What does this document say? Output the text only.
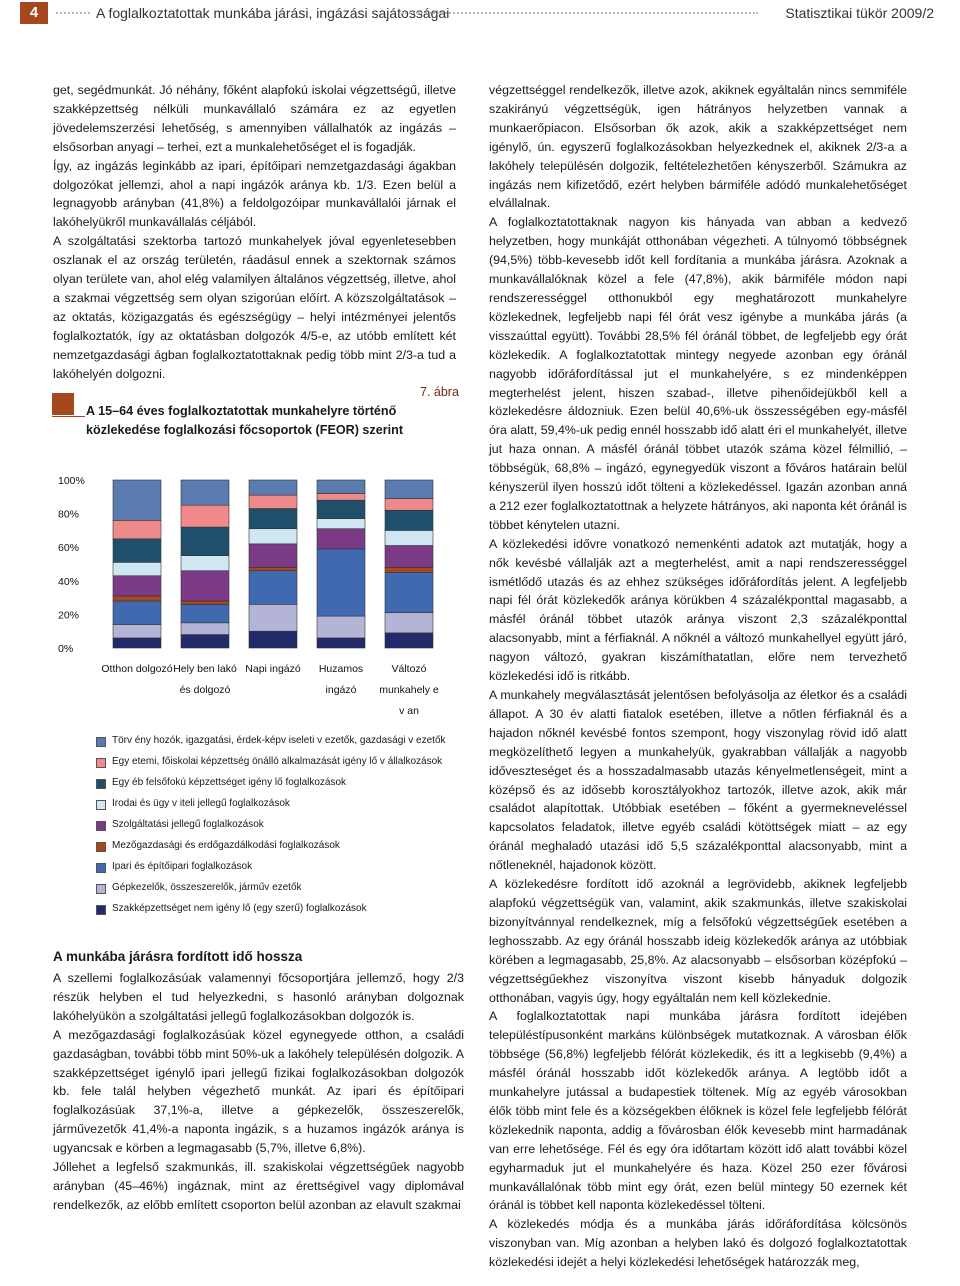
4	A foglalkoztatottak munkába járási, ingázási sajátosságai	Statisztikai tükör 2009/2

get, segédmunkát. Jó néhány, főként alapfokú iskolai végzettségű, illetve szakképzettség nélküli munkavállaló számára ez az egyetlen jövedelemszerzési lehetőség, s amennyiben vállalhatók az ingázás – elsősorban anyagi – terhei, ezt a munkalehetőséget el is fogadják.

Így, az ingázás leginkább az ipari, építőipari nemzetgazdasági ágakban dolgozókat jellemzi, ahol a napi ingázók aránya kb. 1/3. Ezen belül a legnagyobb arányban (41,8%) a feldolgozóipar munkavállalói járnak el lakóhelyükről munkavállalás céljából.

A szolgáltatási szektorba tartozó munkahelyek jóval egyenletesebben oszlanak el az ország területén, ráadásul ennek a szektornak számos olyan területe van, ahol elég valamilyen általános végzettség, illetve, ahol a szakmai végzettség sem olyan szigorúan előírt. A közszolgáltatások – az oktatás, közigazgatás és egészségügy – helyi intézményei jelentős foglalkoztatók, így az oktatásban dolgozók 4/5-e, az utóbb említett két nemzetgazdasági ágban foglalkoztatottaknak pedig több mint 2/3-a tud a lakóhelyén dolgozni.

7. ábra
A 15–64 éves foglalkoztatottak munkahelyre történő közlekedése foglalkozási főcsoportok (FEOR) szerint
0%
20%
40%
60%
80%
100%
Otthon dolgozó Hely ben lakó
és dolgozó
Napi ingázó Huzamos
ingázó
Változó
munkahely e
v an
Törv ény hozók, igazgatási, érdek-képv iseleti v ezetők, gazdasági v ezetők
Egy etemi, főiskolai képzettség önálló alkalmazását igény lő v állalkozások
Egy éb felsőfokú képzettséget igény lő foglalkozások
Irodai és ügy v iteli jellegű foglalkozások
Szolgáltatási jellegű foglalkozások
Mezőgazdasági és erdőgazdálkodási foglalkozások
Ipari és építőipari foglalkozások
Gépkezelők, összeszerelők, járműv ezetők
Szakképzettséget nem igény lő (egy szerű) foglalkozások
A munkába járásra fordított idő hossza

A szellemi foglalkozásúak valamennyi főcsoportjára jellemző, hogy 2/3 részük helyben el tud helyezkedni, s hasonló arányban dolgoznak lakóhelyükön a szolgáltatási jellegű foglalkozásokban dolgozók is.

A mezőgazdasági foglalkozásúak közel egynegyede otthon, a családi gazdaságban, további több mint 50%-uk a lakóhely településén dolgozik. A szakképzettséget igénylő ipari jellegű fizikai foglalkozásokban dolgozók kb. fele talál helyben végezhető munkát. Az ipari és építőipari foglalkozásúak 37,1%-a, illetve a gépkezelők, összeszerelők, járművezetők 41,4%-a naponta ingázik, s a huzamos ingázók aránya is ugyancsak e körben a legmagasabb (5,7%, illetve 6,8%).

Jóllehet a legfelső szakmunkás, ill. szakiskolai végzettségűek nagyobb arányban (45–46%) ingáznak, mint az érettségivel vagy diplomával rendelkezők, az előbb említett csoporton belül azonban az elavult szakmai

végzettséggel rendelkezők, illetve azok, akiknek egyáltalán nincs semmiféle szakirányú végzettségük, igen hátrányos helyzetben vannak a munkaerőpiacon. Elsősorban ők azok, akik a szakképzettséget nem igénylő, ún. egyszerű foglalkozásokban helyezkednek el, akiknek 2/3-a a lakóhely településén dolgozik, feltételezhetően kényszerből. Számukra az ingázás nem kifizetődő, ezért helyben bármiféle adódó munkalehetőséget elvállalnak.

A foglalkoztatottaknak nagyon kis hányada van abban a kedvező helyzetben, hogy munkáját otthonában végezheti. A túlnyomó többségnek (94,5%) több-kevesebb időt kell fordítania a munkába járásra. Azoknak a munkavállalóknak közel a fele (47,8%), akik bármiféle módon napi rendszerességgel otthonukból egy meghatározott munkahelyre közlekednek, legfeljebb napi fél órát vesz igénybe a munkába járás (a visszaúttal együtt). További 28,5% fél óránál többet, de legfeljebb egy órát közlekedik. A foglalkoztatottak mintegy negyede azonban egy óránál nagyobb időráfordítással jut el munkahelyére, s ez mindenképpen megterhelést jelent, hiszen szabad-, illetve pihenőidejükből kell a közlekedésre áldozniuk. Ezen belül 40,6%-uk összességében egy-másfél óra alatt, 59,4%-uk pedig ennél hosszabb idő alatt éri el munkahelyét, illetve jut haza onnan. A másfél óránál többet utazók száma közel félmillió, – többségük, 68,8% – ingázó, egynegyedük viszont a főváros határain belül kényszerül ilyen hosszú időt tölteni a közlekedéssel. Igazán azonban anná a 212 ezer foglalkoztatottnak a helyzete hátrányos, aki naponta két óránál is többet kénytelen utazni.

A közlekedési idővre vonatkozó nemenkénti adatok azt mutatják, hogy a nők kevésbé vállalják azt a megterhelést, amit a napi rendszerességgel ismétlődő utazás és az ehhez szükséges időráfordítás jelent. A legfeljebb napi fél órát közlekedők aránya körükben 4 százalékponttal magasabb, a másfél óránál többet utazók aránya viszont 2,3 százalékponttal alacsonyabb, mint a férfiaknál. A nőknél a változó munkahellyel együtt járó, nagyon változó, gyakran kiszámíthatatlan, előre nem tervezhető közlekedési idő is ritkább.

A munkahely megválasztását jelentősen befolyásolja az életkor és a családi állapot. A 30 év alatti fiatalok esetében, illetve a nőtlen férfiaknál és a hajadon nőknél kevésbé fontos szempont, hogy viszonylag rövid idő alatt megközelíthető legyen a munkahelyük, gyakrabban vállalják a nagyobb időveszteséget és a hosszadalmasabb utazás kényelmetlenségeit, mint a középső és az idősebb korosztályokhoz tartozók, illetve azok, akik már családot alapítottak. Utóbbiak esetében – főként a gyermekneveléssel kapcsolatos feladatok, illetve egyéb családi kötöttségek miatt – az egy óránál meghaladó utazási idő 5,5 százalékponttal alacsonyabb, mint a nőtleneknél, hajadonok között.

A közlekedésre fordított idő azoknál a legrövidebb, akiknek legfeljebb alapfokú végzettségük van, valamint, akik szakmunkás, illetve szakiskolai bizonyítvánnyal rendelkeznek, míg a felsőfokú végzettségűek esetében a leghosszabb. Az egy óránál hosszabb ideig közlekedők aránya az utóbbiak körében a legmagasabb, 25,8%. Az alacsonyabb – elsősorban középfokú – végzettségűekhez viszonyítva viszont kisebb hányaduk dolgozik otthonában, vagyis úgy, hogy egyáltalán nem kell közlekednie.

A foglalkoztatottak napi munkába járásra fordított idejében településtípusonként markáns különbségek mutatkoznak. A városban élők többsége (56,8%) legfeljebb félórát közlekedik, és itt a legkisebb (9,4%) a másfél óránál hosszabb időt közlekedők aránya. A legtöbb időt a munkahelyre jutással a budapestiek töltenek. Míg az egyéb városokban élők több mint fele és a községekben élőknek is közel fele legfeljebb félórát közlekednik naponta, addig a fővárosban élők kevesebb mint harmadának van erre lehetősége. Fél és egy óra időtartam között idő alatt további közel egyharmaduk jut el munkahelyére és haza. Közel 250 ezer fővárosi munkavállalónak több mint egy órát, ezen belül mintegy 50 ezernek két óránál is többet kell naponta közlekedéssel tölteni.

A közlekedés módja és a munkába járás időráfordítása kölcsönös viszonyban van. Míg azonban a helyben lakó és dolgozó foglalkoztatottak közlekedési idejét a helyi közlekedési lehetőségek határozzák meg,
